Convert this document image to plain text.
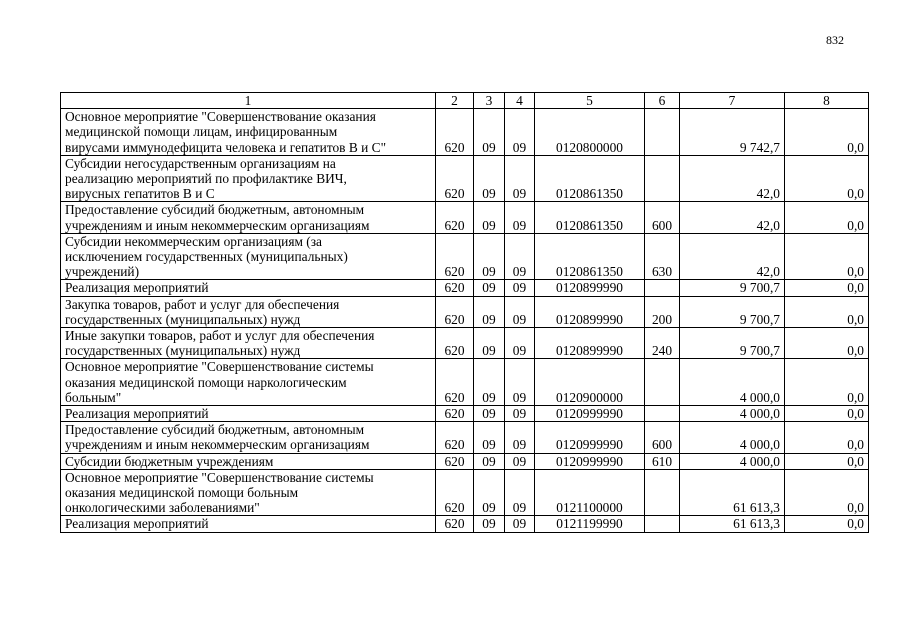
832
1	2	3	4	5	6	7	8

Основное мероприятие "Совершенствование оказания
медицинской помощи лицам, инфицированным
вирусами иммунодефицита человека и гепатитов В и С"	620	09	09	0120800000		9 742,7	0,0

Субсидии негосударственным организациям на
реализацию мероприятий по профилактике ВИЧ,
вирусных гепатитов В и С	620	09	09	0120861350		42,0	0,0

Предоставление субсидий бюджетным, автономным
учреждениям и иным некоммерческим организациям	620	09	09	0120861350	600	42,0	0,0

Субсидии некоммерческим организациям (за
исключением государственных (муниципальных)
учреждений)	620	09	09	0120861350	630	42,0	0,0

Реализация мероприятий	620	09	09	0120899990		9 700,7	0,0

Закупка товаров, работ и услуг для обеспечения
государственных (муниципальных) нужд	620	09	09	0120899990	200	9 700,7	0,0

Иные закупки товаров, работ и услуг для обеспечения
государственных (муниципальных) нужд	620	09	09	0120899990	240	9 700,7	0,0

Основное мероприятие "Совершенствование системы
оказания медицинской помощи наркологическим
больным"	620	09	09	0120900000		4 000,0	0,0

Реализация мероприятий	620	09	09	0120999990		4 000,0	0,0

Предоставление субсидий бюджетным, автономным
учреждениям и иным некоммерческим организациям	620	09	09	0120999990	600	4 000,0	0,0

Субсидии бюджетным учреждениям	620	09	09	0120999990	610	4 000,0	0,0

Основное мероприятие "Совершенствование системы
оказания медицинской помощи больным
онкологическими заболеваниями"	620	09	09	0121100000		61 613,3	0,0

Реализация мероприятий	620	09	09	0121199990		61 613,3	0,0
